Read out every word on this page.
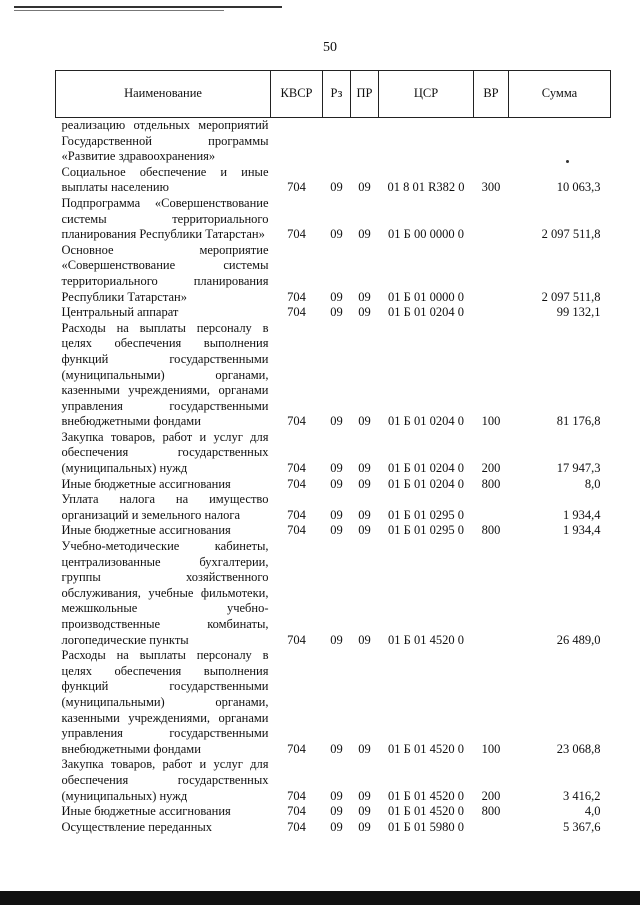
50
Наименование	КВСР	Рз	ПР	ЦСР	ВР	Сумма
реализацию отдельных мероприятий Государственной программы «Развитие здравоохранения»						
Социальное обеспечение и иные выплаты населению	704	09	09	01 8 01 R382 0	300	10 063,3
Подпрограмма «Совершенствование системы территориального планирования Республики Татарстан»	704	09	09	01 Б 00 0000 0		2 097 511,8
Основное мероприятие «Совершенствование системы территориального планирования Республики Татарстан»	704	09	09	01 Б 01 0000 0		2 097 511,8
Центральный аппарат	704	09	09	01 Б 01 0204 0		99 132,1
Расходы на выплаты персоналу в целях обеспечения выполнения функций государственными (муниципальными) органами, казенными учреждениями, органами управления государственными внебюджетными фондами	704	09	09	01 Б 01 0204 0	100	81 176,8
Закупка товаров, работ и услуг для обеспечения государственных (муниципальных) нужд	704	09	09	01 Б 01 0204 0	200	17 947,3
Иные бюджетные ассигнования	704	09	09	01 Б 01 0204 0	800	8,0
Уплата налога на имущество организаций и земельного налога	704	09	09	01 Б 01 0295 0		1 934,4
Иные бюджетные ассигнования	704	09	09	01 Б 01 0295 0	800	1 934,4
Учебно-методические кабинеты, централизованные бухгалтерии, группы хозяйственного обслуживания, учебные фильмотеки, межшкольные учебно-производственные комбинаты, логопедические пункты	704	09	09	01 Б 01 4520 0		26 489,0
Расходы на выплаты персоналу в целях обеспечения выполнения функций государственными (муниципальными) органами, казенными учреждениями, органами управления государственными внебюджетными фондами	704	09	09	01 Б 01 4520 0	100	23 068,8
Закупка товаров, работ и услуг для обеспечения государственных (муниципальных) нужд	704	09	09	01 Б 01 4520 0	200	3 416,2
Иные бюджетные ассигнования	704	09	09	01 Б 01 4520 0	800	4,0
Осуществление переданных	704	09	09	01 Б 01 5980 0		5 367,6
